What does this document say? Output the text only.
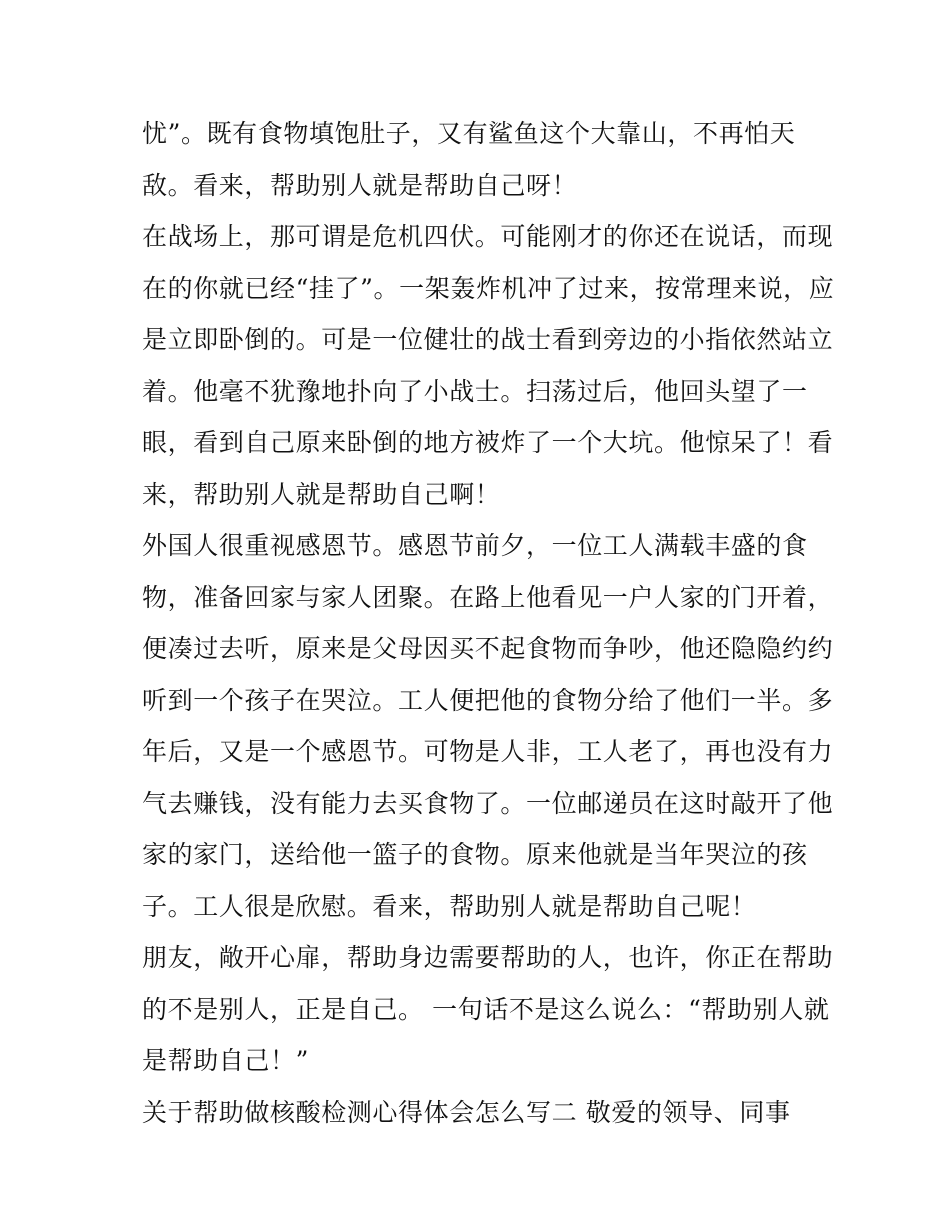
忧”。既有食物填饱肚子，又有鲨鱼这个大靠山，不再怕天
敌。看来，帮助别人就是帮助自己呀！
在战场上，那可谓是危机四伏。可能刚才的你还在说话，而现
在的你就已经“挂了”。一架轰炸机冲了过来，按常理来说，应
是立即卧倒的。可是一位健壮的战士看到旁边的小指依然站立
着。他毫不犹豫地扑向了小战士。扫荡过后，他回头望了一
眼，看到自己原来卧倒的地方被炸了一个大坑。他惊呆了！看
来，帮助别人就是帮助自己啊！
外国人很重视感恩节。感恩节前夕，一位工人满载丰盛的食
物，准备回家与家人团聚。在路上他看见一户人家的门开着，
便凑过去听，原来是父母因买不起食物而争吵，他还隐隐约约
听到一个孩子在哭泣。工人便把他的食物分给了他们一半。多
年后，又是一个感恩节。可物是人非，工人老了，再也没有力
气去赚钱，没有能力去买食物了。一位邮递员在这时敲开了他
家的家门，送给他一篮子的食物。原来他就是当年哭泣的孩
子。工人很是欣慰。看来，帮助别人就是帮助自己呢！
朋友，敞开心扉，帮助身边需要帮助的人，也许，你正在帮助
的不是别人，正是自己。 一句话不是这么说么：“帮助别人就
是帮助自己！”
关于帮助做核酸检测心得体会怎么写二 敬爱的领导、同事
